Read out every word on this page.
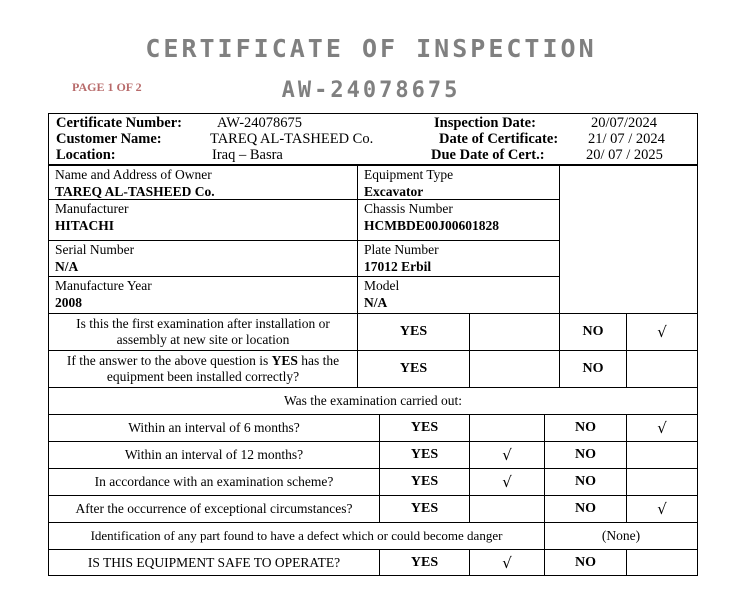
CERTIFICATE OF INSPECTION
PAGE 1 OF 2	AW-24078675
Certificate Number: AW-24078675
Customer Name:	TAREQ AL-TASHEED Co.
Location:	Iraq – Basra
Inspection Date:	20/07/2024
Date of Certificate: 21/ 07 / 2024
Due Date of Cert.:	20/ 07 / 2025
Name and Address of Owner
TAREQ AL-TASHEED Co.
Equipment Type
Excavator
Manufacturer
HITACHI
Chassis Number
HCMBDE00J00601828
Serial Number
N/A
Plate Number
17012 Erbil
Manufacture Year
2008
Model
N/A
Is this the first examination after installation or assembly at new site or location
YES	NO	√
If the answer to the above question is YES has the equipment been installed correctly?
YES	NO
Was the examination carried out:
Within an interval of 6 months?	YES	NO	√
Within an interval of 12 months?	YES	√	NO
In accordance with an examination scheme?	YES	√	NO
After the occurrence of exceptional circumstances?	YES	NO	√
Identification of any part found to have a defect which or could become danger	(None)
IS THIS EQUIPMENT SAFE TO OPERATE?	YES	√	NO
